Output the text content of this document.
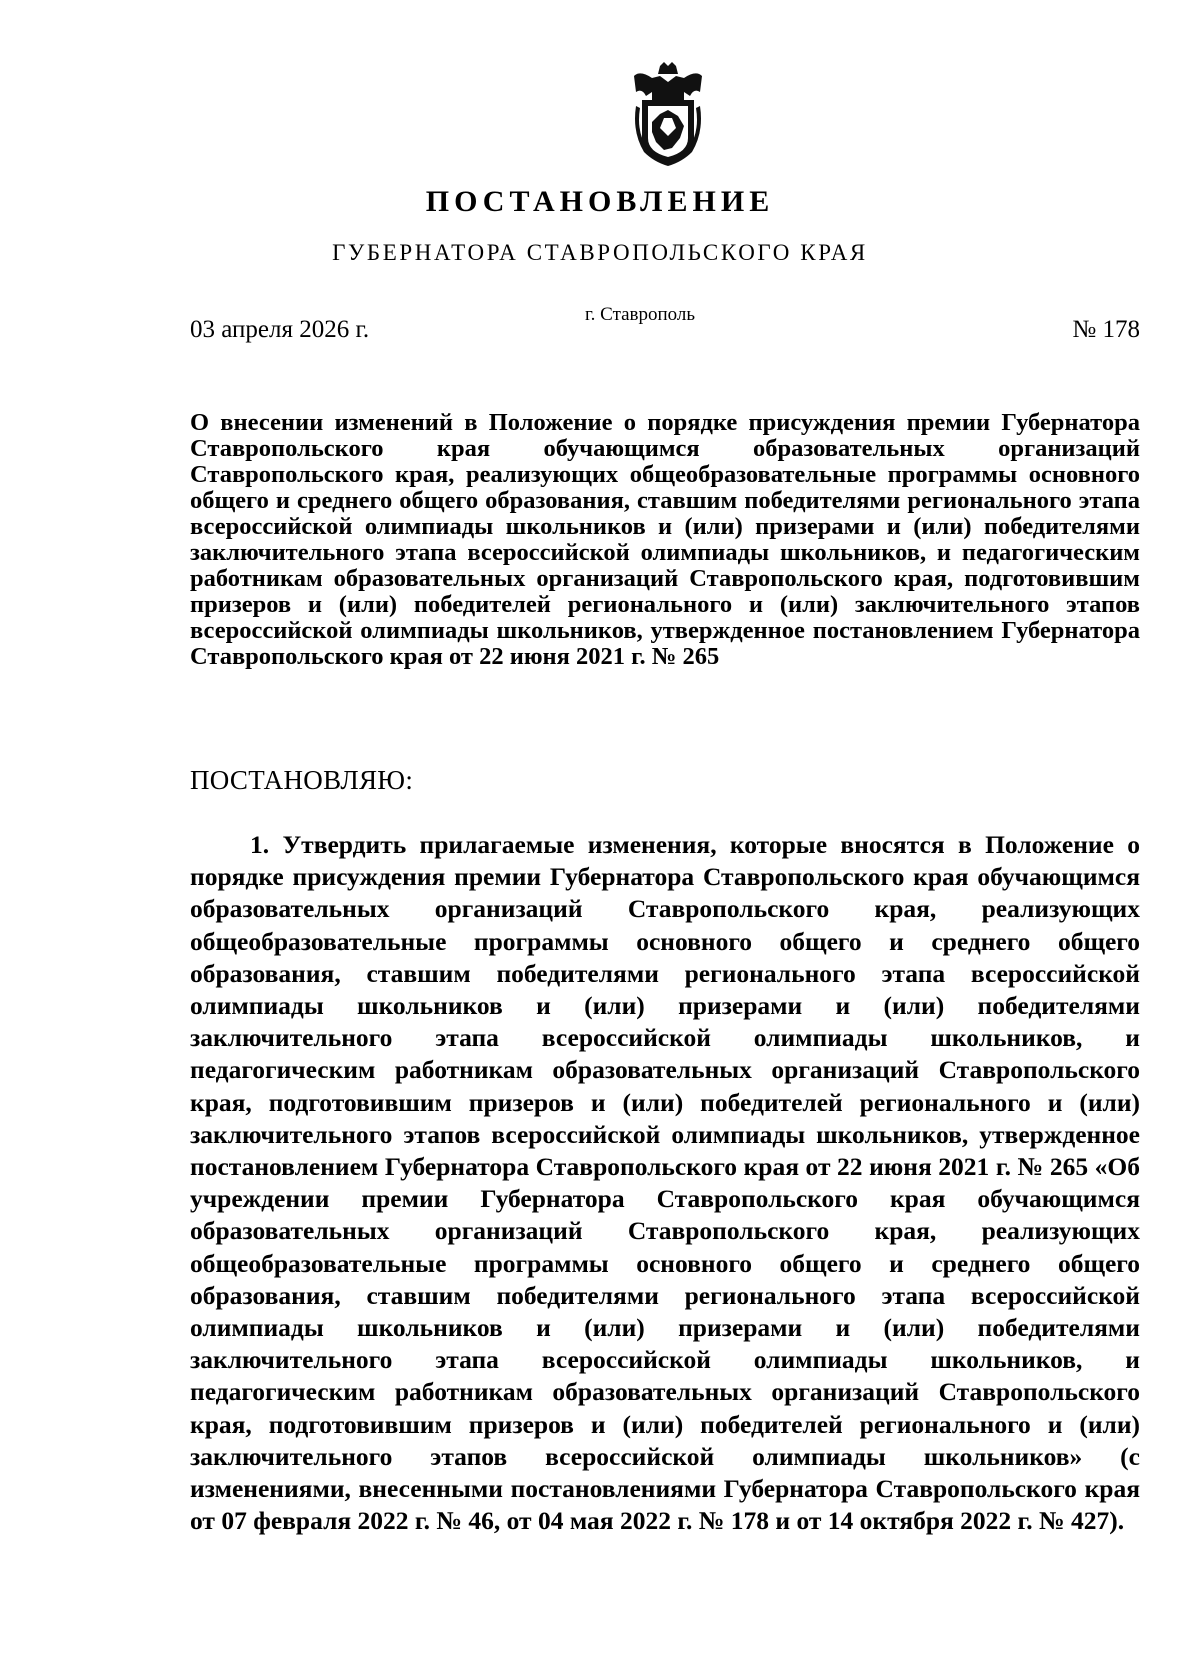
ПОСТАНОВЛЕНИЕ
ГУБЕРНАТОРА СТАВРОПОЛЬСКОГО КРАЯ
г. Ставрополь
03 апреля 2026 г.	№ 178
О внесении изменений в Положение о порядке присуждения премии Губернатора Ставропольского края обучающимся образовательных организаций Ставропольского края, реализующих общеобразовательные программы основного общего и среднего общего образования, ставшим победителями регионального этапа всероссийской олимпиады школьников и (или) призерами и (или) победителями заключительного этапа всероссийской олимпиады школьников, и педагогическим работникам образовательных организаций Ставропольского края, подготовившим призеров и (или) победителей регионального и (или) заключительного этапов всероссийской олимпиады школьников, утвержденное постановлением Губернатора Ставропольского края от 22 июня 2021 г. № 265
ПОСТАНОВЛЯЮ:
1. Утвердить прилагаемые изменения, которые вносятся в Положение о порядке присуждения премии Губернатора Ставропольского края обучающимся образовательных организаций Ставропольского края, реализующих общеобразовательные программы основного общего и среднего общего образования, ставшим победителями регионального этапа всероссийской олимпиады школьников и (или) призерами и (или) победителями заключительного этапа всероссийской олимпиады школьников, и педагогическим работникам образовательных организаций Ставропольского края, подготовившим призеров и (или) победителей регионального и (или) заключительного этапов всероссийской олимпиады школьников, утвержденное постановлением Губернатора Ставропольского края от 22 июня 2021 г. № 265 «Об учреждении премии Губернатора Ставропольского края обучающимся образовательных организаций Ставропольского края, реализующих общеобразовательные программы основного общего и среднего общего образования, ставшим победителями регионального этапа всероссийской олимпиады школьников и (или) призерами и (или) победителями заключительного этапа всероссийской олимпиады школьников, и педагогическим работникам образовательных организаций Ставропольского края, подготовившим призеров и (или) победителей регионального и (или) заключительного этапов всероссийской олимпиады школьников» (с изменениями, внесенными постановлениями Губернатора Ставропольского края от 07 февраля 2022 г. № 46, от 04 мая 2022 г. № 178 и от 14 октября 2022 г. № 427).
